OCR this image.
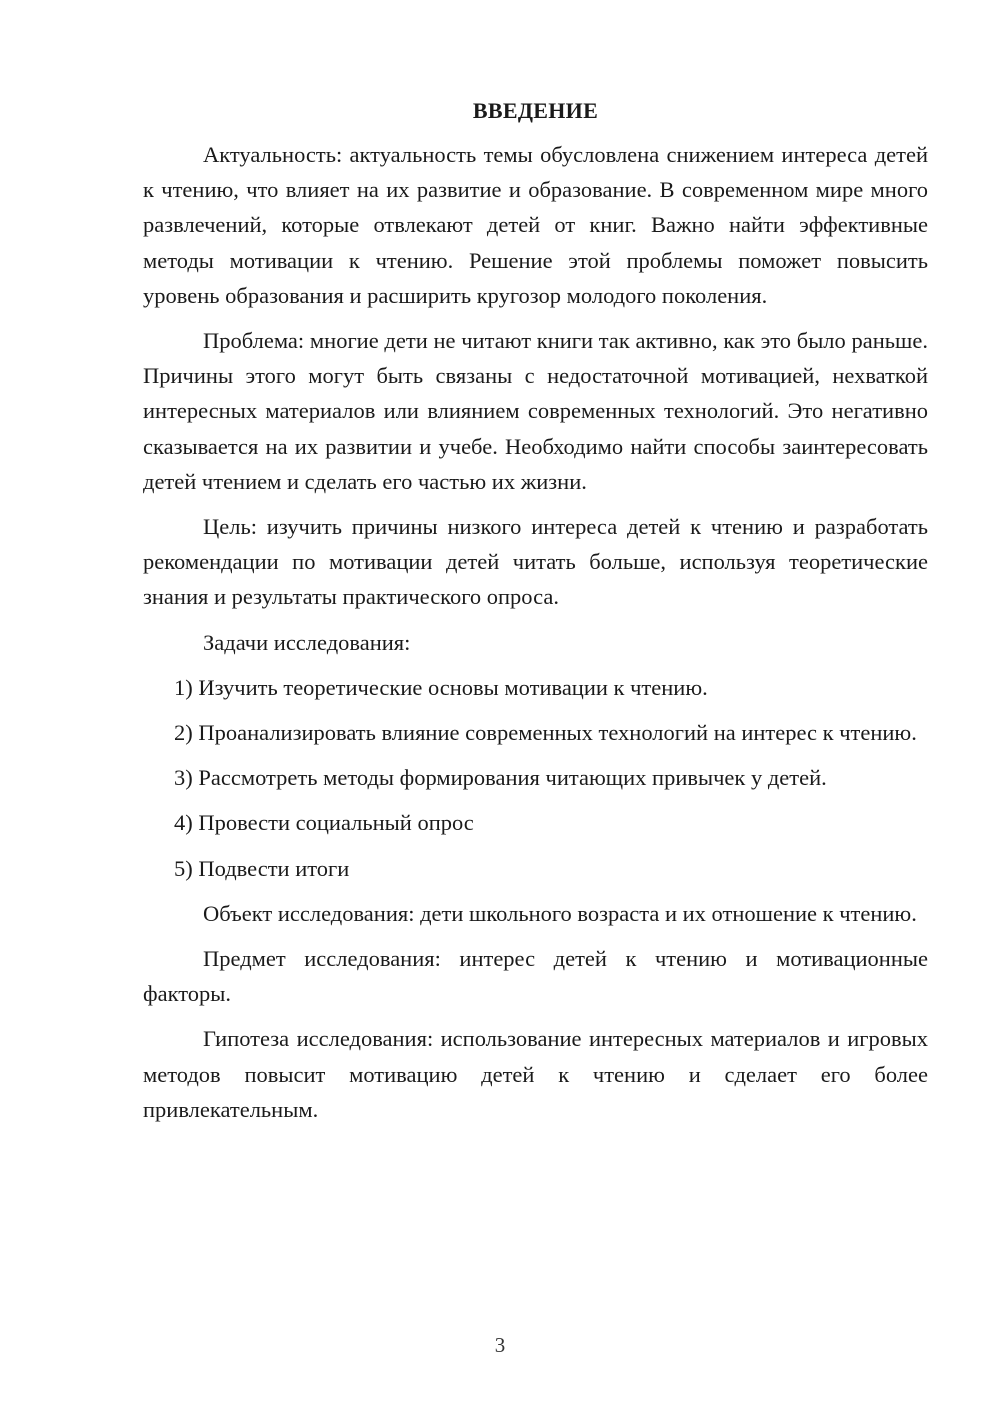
ВВЕДЕНИЕ

Актуальность: актуальность темы обусловлена снижением интереса детей к чтению, что влияет на их развитие и образование. В современном мире много развлечений, которые отвлекают детей от книг. Важно найти эффективные методы мотивации к чтению. Решение этой проблемы поможет повысить уровень образования и расширить кругозор молодого поколения.

Проблема: многие дети не читают книги так активно, как это было раньше. Причины этого могут быть связаны с недостаточной мотивацией, нехваткой интересных материалов или влиянием современных технологий. Это негативно сказывается на их развитии и учебе. Необходимо найти способы заинтересовать детей чтением и сделать его частью их жизни.

Цель: изучить причины низкого интереса детей к чтению и разработать рекомендации по мотивации детей читать больше, используя теоретические знания и результаты практического опроса.

Задачи исследования:

1) Изучить теоретические основы мотивации к чтению.

2) Проанализировать влияние современных технологий на интерес к чтению.

3) Рассмотреть методы формирования читающих привычек у детей.

4) Провести социальный опрос

5) Подвести итоги

Объект исследования: дети школьного возраста и их отношение к чтению.

Предмет исследования: интерес детей к чтению и мотивационные факторы.

Гипотеза исследования: использование интересных материалов и игровых методов повысит мотивацию детей к чтению и сделает его более привлекательным.

3
